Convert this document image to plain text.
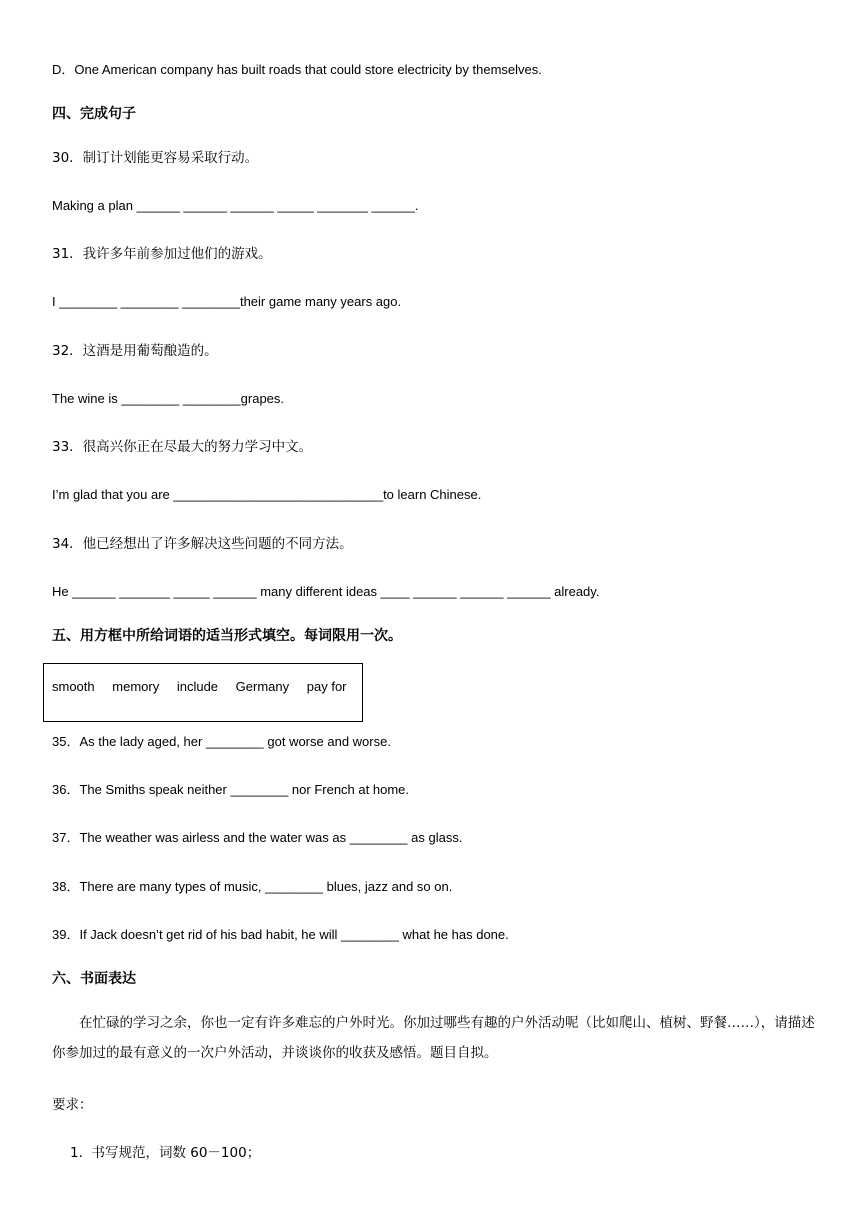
D．One American company has built roads that could store electricity by themselves.
四、完成句子
30．制订计划能更容易采取行动。
Making a plan ______ ______ ______ _____ _______ ______.
31．我许多年前参加过他们的游戏。
I ________ ________ ________their game many years ago.
32．这酒是用葡萄酿造的。
The wine is ________ ________grapes.
33．很高兴你正在尽最大的努力学习中文。
I’m glad that you are _____________________________to learn Chinese.
34．他已经想出了许多解决这些问题的不同方法。
He ______ _______ _____ ______ many different ideas ____ ______ ______ ______ already.
五、用方框中所给词语的适当形式填空。每词限用一次。
smooth memory include Germany pay for
35．As the lady aged, her ________ got worse and worse.
36．The Smiths speak neither ________ nor French at home.
37．The weather was airless and the water was as ________ as glass.
38．There are many types of music, ________ blues, jazz and so on.
39．If Jack doesn’t get rid of his bad habit, he will ________ what he has done.
六、书面表达
　　在忙碌的学习之余，你也一定有许多难忘的户外时光。你加过哪些有趣的户外活动呢（比如爬山、植树、野餐……），请描述你参加过的最有意义的一次户外活动，并谈谈你的收获及感悟。题目自拟。
要求：
1.  书写规范，词数 60－100；
